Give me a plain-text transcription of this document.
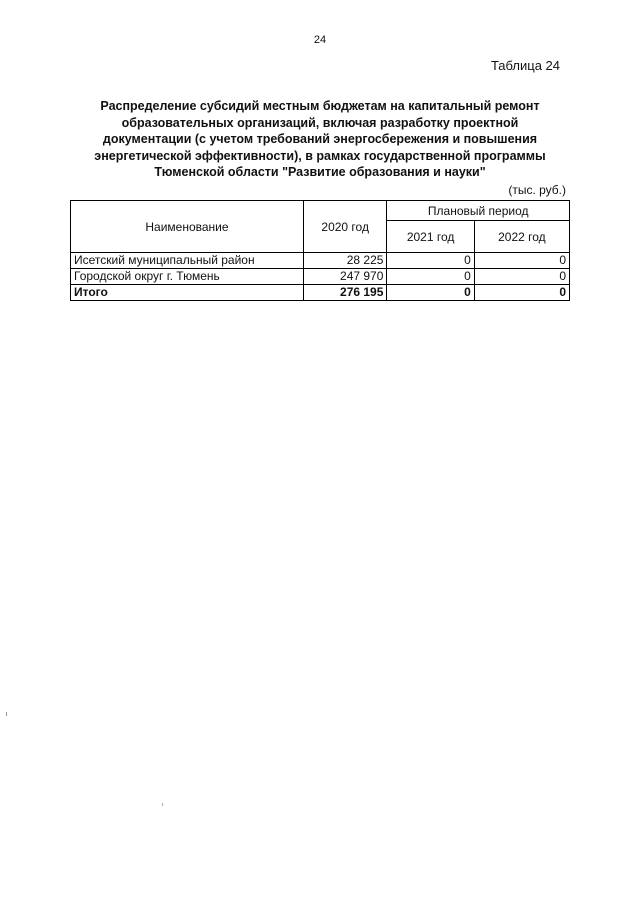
24
Таблица 24
Распределение субсидий местным бюджетам на капитальный ремонт
образовательных организаций, включая разработку проектной
документации (с учетом требований энергосбережения и повышения
энергетической эффективности), в рамках государственной программы
Тюменской области "Развитие образования и науки"
(тыс. руб.)
Наименование	2020 год	Плановый период	
		2021 год	2022 год
Исетский муниципальный район	28 225	0	0
Городской округ г. Тюмень	247 970	0	0
Итого	276 195	0	0
